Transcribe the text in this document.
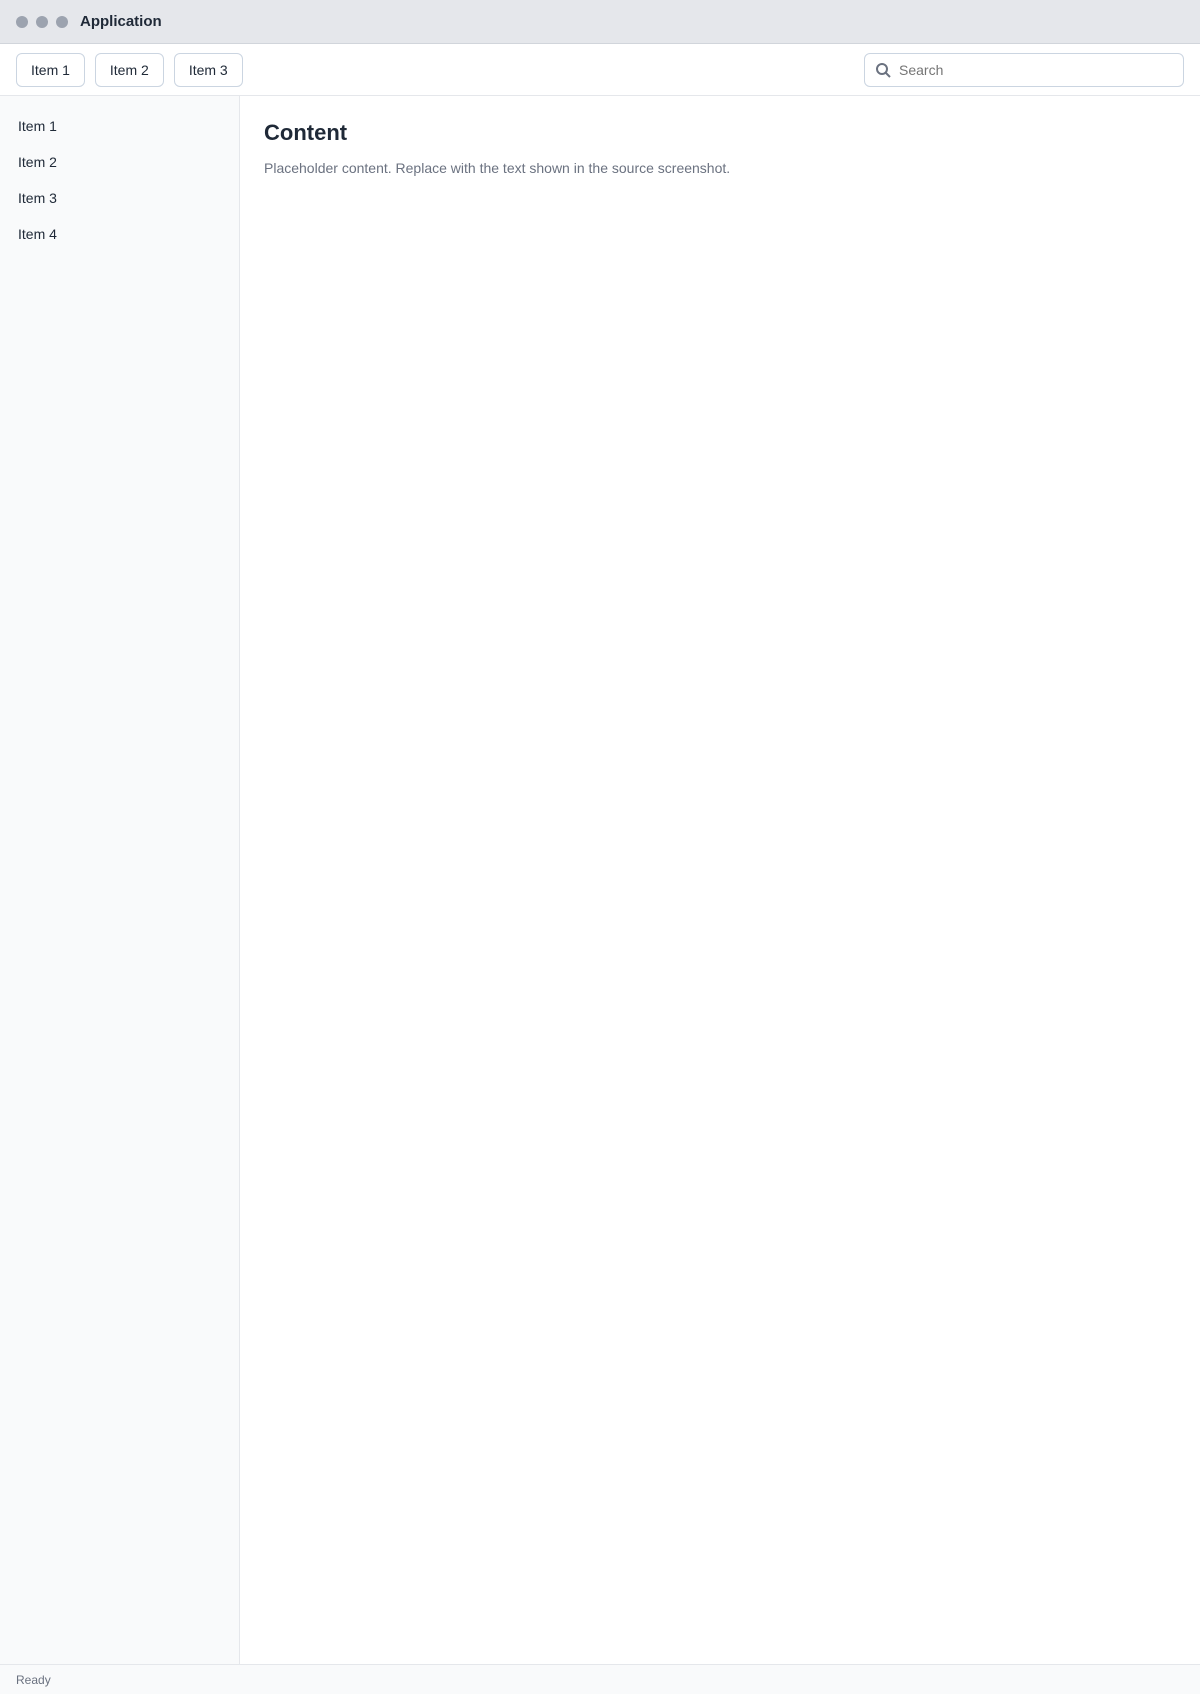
Application
Item 1	Item 2	Item 3
Search
Item 1
Item 2
Item 3
Item 4
Content

Placeholder content. Replace with the text shown in the source screenshot.

Ready
